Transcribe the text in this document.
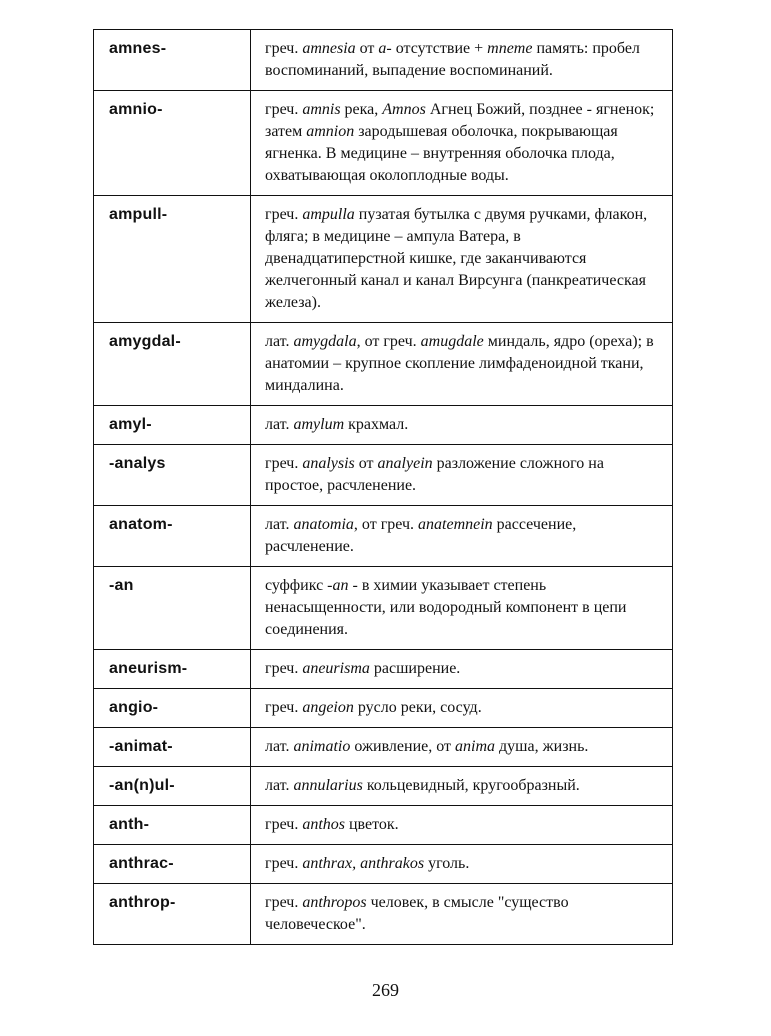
amnes-	греч. amnesia от a- отсутствие + mneme память: пробел воспоминаний, выпадение воспоминаний.
amnio-	греч. amnis река, Amnos Агнец Божий, позднее - ягненок; затем amnion зародышевая оболочка, покрывающая ягненка. В медицине – внутренняя оболочка плода, охватывающая околоплодные воды.
ampull-	греч. ampulla пузатая бутылка с двумя ручками, флакон, фляга; в медицине – ампула Ватера, в двенадцатиперстной кишке, где заканчиваются желчегонный канал и канал Вирсунга (панкреатическая железа).
amygdal-	лат. amygdala, от греч. amugdale миндаль, ядро (ореха); в анатомии – крупное скопление лимфаденоидной ткани, миндалина.
amyl-	лат. amylum крахмал.
-analys	греч. analysis от analyein разложение сложного на простое, расчленение.
anatom-	лат. anatomia, от греч. anatemnein рассечение, расчленение.
-an	суффикс -an - в химии указывает степень ненасыщенности, или водородный компонент в цепи соединения.
aneurism-	греч. aneurisma расширение.
angio-	греч. angeion русло реки, сосуд.
-animat-	лат. animatio оживление, от anima душа, жизнь.
-an(n)ul-	лат. annularius кольцевидный, кругообразный.
anth-	греч. anthos цветок.
anthrac-	греч. anthrax, anthrakos уголь.
anthrop-	греч. anthropos человек, в смысле "существо человеческое".
269
